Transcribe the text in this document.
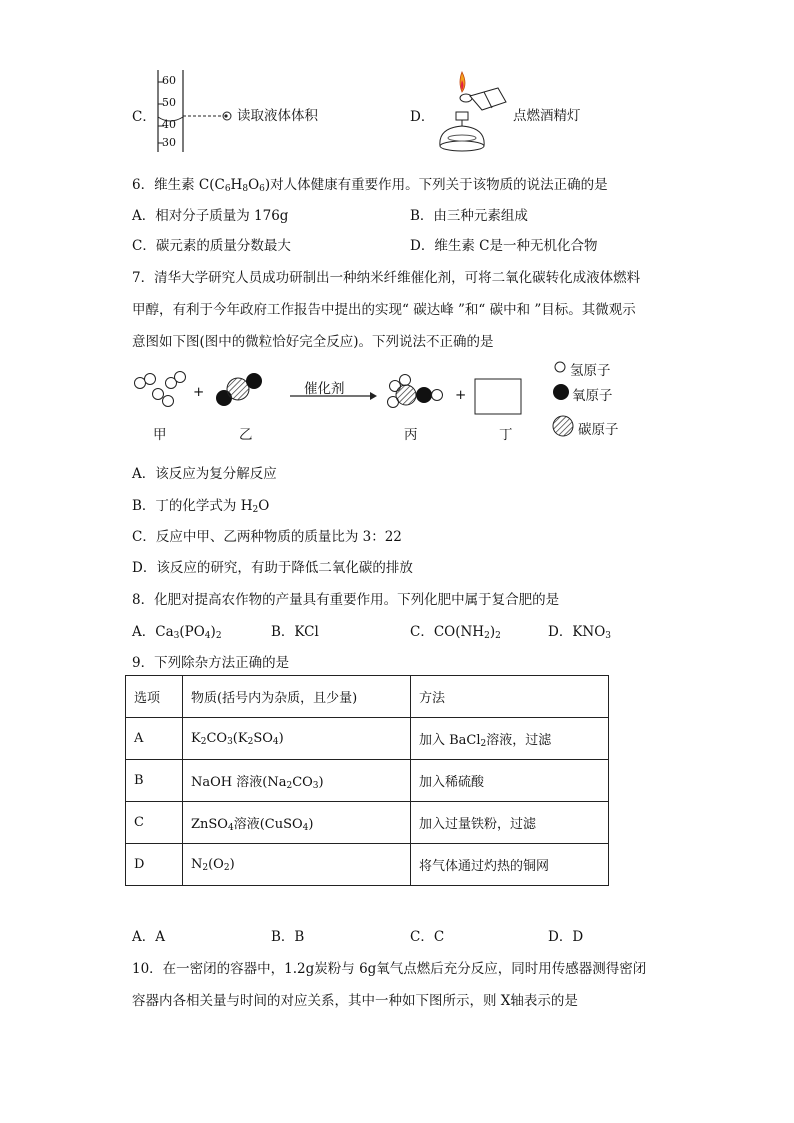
C．
60
50
40
30
读取液体体积	D．	点燃酒精灯
6．维生素 $C(C_6H_8O_6)$对人体健康有重要作用。下列关于该物质的说法正确的是
A．相对分子质量为 176g	B．由三种元素组成
C．碳元素的质量分数最大	D．维生素 C是一种无机化合物
7．清华大学研究人员成功研制出一种纳米纤维催化剂，可将二氧化碳转化成液体燃料
甲醇，有利于今年政府工作报告中提出的实现“ 碳达峰 ”和“ 碳中和 ”目标。其微观示
意图如下图(图中的微粒恰好完全反应)。下列说法不正确的是
+	+
催化剂
甲	乙	丙	丁
氢原子
氧原子
碳原子
A．该反应为复分解反应
B．丁的化学式为 $H_2O$
C．反应中甲、乙两种物质的质量比为 3：22
D．该反应的研究，有助于降低二氧化碳的排放
8．化肥对提高农作物的产量具有重要作用。下列化肥中属于复合肥的是
A．$Ca_3(PO_4)_2$	B．KCl	C．$CO(NH_2)_2$	D．$KNO_3$
9．下列除杂方法正确的是
选项	物质(括号内为杂质，且少量)	方法
A	$K_2CO_3(K_2SO_4)$	加入 BaCl$_2$溶液，过滤
B	NaOH 溶液$(Na_2CO_3)$	加入稀硫酸
C	ZnSO$_4$溶液(CuSO$_4$)	加入过量铁粉，过滤
D	$N_2(O_2)$	将气体通过灼热的铜网
A．A	B．B	C．C	D．D
10．在一密闭的容器中，1.2g炭粉与 6g氧气点燃后充分反应，同时用传感器测得密闭
容器内各相关量与时间的对应关系，其中一种如下图所示，则 X轴表示的是
